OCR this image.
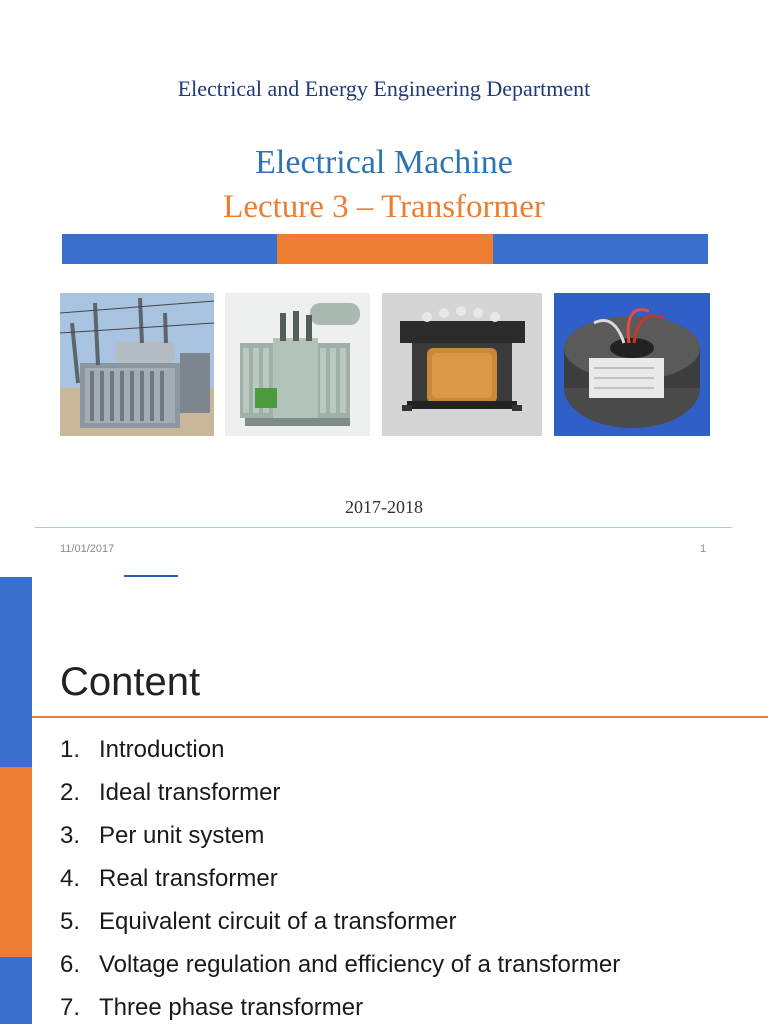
Electrical and Energy Engineering Department
Electrical Machine
Lecture 3 – Transformer
2017-2018
11/01/2017	1
Content
1. Introduction
2. Ideal transformer
3. Per unit system
4. Real transformer
5. Equivalent circuit of a transformer
6. Voltage regulation and efficiency of a transformer
7. Three phase transformer
